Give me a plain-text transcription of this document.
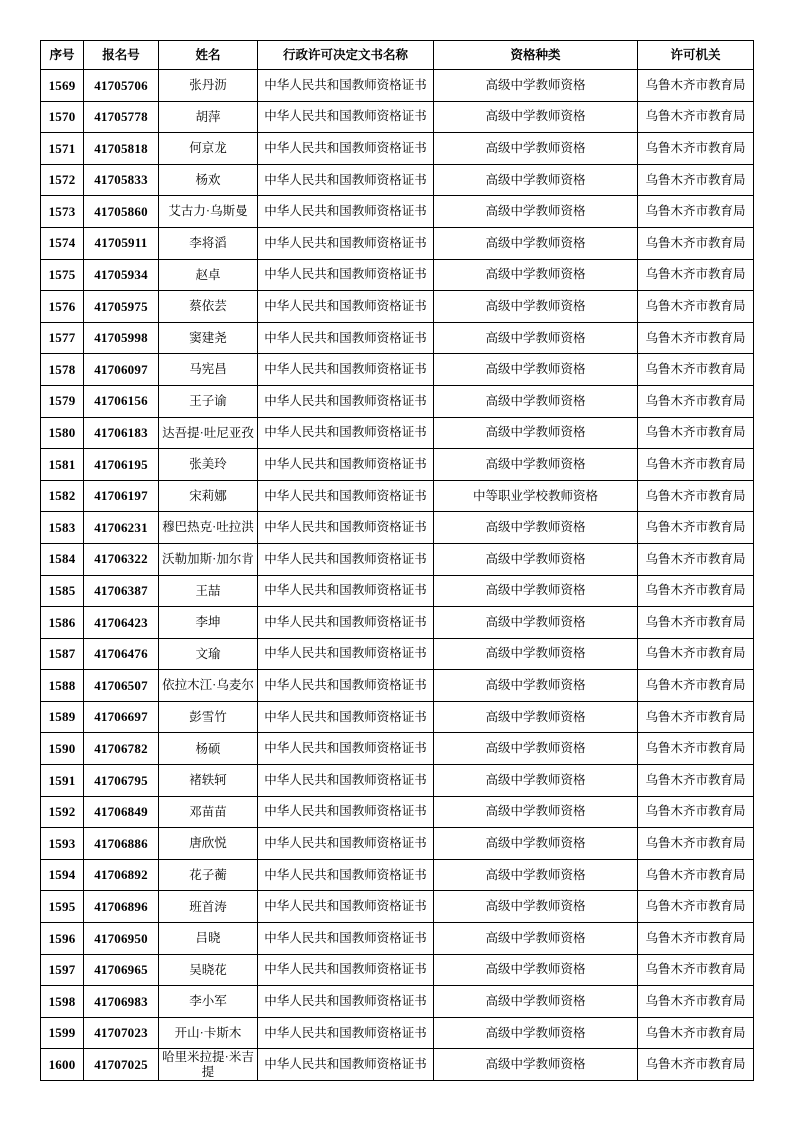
序号	报名号	姓名	行政许可决定文书名称	资格种类	许可机关
1569	41705706	张丹沥	中华人民共和国教师资格证书	高级中学教师资格	乌鲁木齐市教育局
1570	41705778	胡萍	中华人民共和国教师资格证书	高级中学教师资格	乌鲁木齐市教育局
1571	41705818	何京龙	中华人民共和国教师资格证书	高级中学教师资格	乌鲁木齐市教育局
1572	41705833	杨欢	中华人民共和国教师资格证书	高级中学教师资格	乌鲁木齐市教育局
1573	41705860	艾古力·乌斯曼	中华人民共和国教师资格证书	高级中学教师资格	乌鲁木齐市教育局
1574	41705911	李将滔	中华人民共和国教师资格证书	高级中学教师资格	乌鲁木齐市教育局
1575	41705934	赵卓	中华人民共和国教师资格证书	高级中学教师资格	乌鲁木齐市教育局
1576	41705975	蔡依芸	中华人民共和国教师资格证书	高级中学教师资格	乌鲁木齐市教育局
1577	41705998	窦建尧	中华人民共和国教师资格证书	高级中学教师资格	乌鲁木齐市教育局
1578	41706097	马宪昌	中华人民共和国教师资格证书	高级中学教师资格	乌鲁木齐市教育局
1579	41706156	王子谕	中华人民共和国教师资格证书	高级中学教师资格	乌鲁木齐市教育局
1580	41706183	达吾提·吐尼亚孜	中华人民共和国教师资格证书	高级中学教师资格	乌鲁木齐市教育局
1581	41706195	张美玲	中华人民共和国教师资格证书	高级中学教师资格	乌鲁木齐市教育局
1582	41706197	宋莉娜	中华人民共和国教师资格证书	中等职业学校教师资格	乌鲁木齐市教育局
1583	41706231	穆巴热克·吐拉洪	中华人民共和国教师资格证书	高级中学教师资格	乌鲁木齐市教育局
1584	41706322	沃勒加斯·加尔肯	中华人民共和国教师资格证书	高级中学教师资格	乌鲁木齐市教育局
1585	41706387	王喆	中华人民共和国教师资格证书	高级中学教师资格	乌鲁木齐市教育局
1586	41706423	李坤	中华人民共和国教师资格证书	高级中学教师资格	乌鲁木齐市教育局
1587	41706476	文瑜	中华人民共和国教师资格证书	高级中学教师资格	乌鲁木齐市教育局
1588	41706507	依拉木江·乌麦尔	中华人民共和国教师资格证书	高级中学教师资格	乌鲁木齐市教育局
1589	41706697	彭雪竹	中华人民共和国教师资格证书	高级中学教师资格	乌鲁木齐市教育局
1590	41706782	杨硕	中华人民共和国教师资格证书	高级中学教师资格	乌鲁木齐市教育局
1591	41706795	褚轶轲	中华人民共和国教师资格证书	高级中学教师资格	乌鲁木齐市教育局
1592	41706849	邓苗苗	中华人民共和国教师资格证书	高级中学教师资格	乌鲁木齐市教育局
1593	41706886	唐欣悦	中华人民共和国教师资格证书	高级中学教师资格	乌鲁木齐市教育局
1594	41706892	花子蘅	中华人民共和国教师资格证书	高级中学教师资格	乌鲁木齐市教育局
1595	41706896	班首涛	中华人民共和国教师资格证书	高级中学教师资格	乌鲁木齐市教育局
1596	41706950	吕晓	中华人民共和国教师资格证书	高级中学教师资格	乌鲁木齐市教育局
1597	41706965	吴晓花	中华人民共和国教师资格证书	高级中学教师资格	乌鲁木齐市教育局
1598	41706983	李小军	中华人民共和国教师资格证书	高级中学教师资格	乌鲁木齐市教育局
1599	41707023	开山·卡斯木	中华人民共和国教师资格证书	高级中学教师资格	乌鲁木齐市教育局
1600	41707025	哈里米拉提·米吉提	中华人民共和国教师资格证书	高级中学教师资格	乌鲁木齐市教育局
